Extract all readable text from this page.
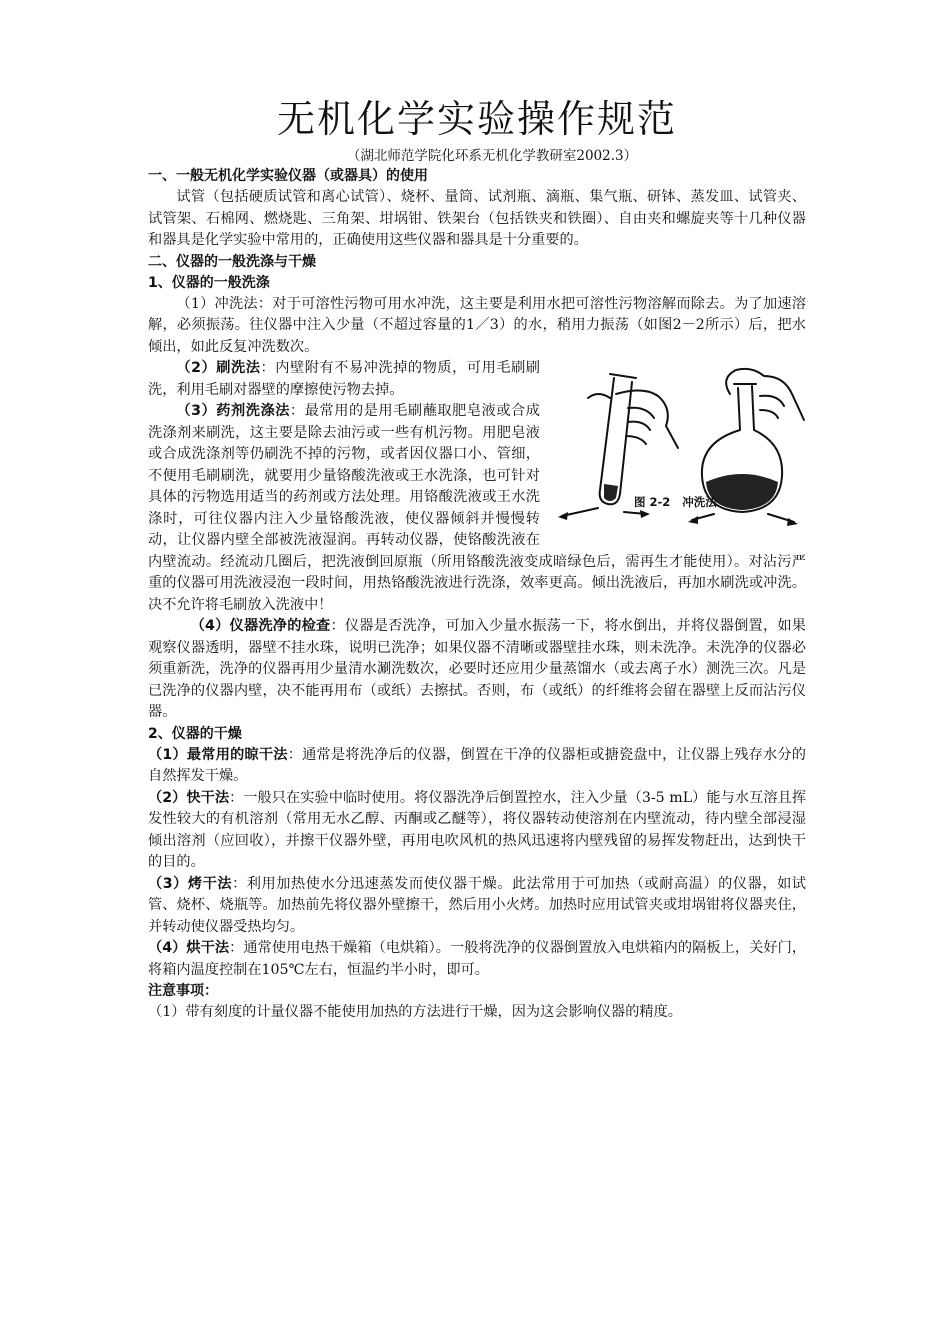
无机化学实验操作规范

（湖北师范学院化环系无机化学教研室2002.3）

一、一般无机化学实验仪器（或器具）的使用

试管（包括硬质试管和离心试管）、烧杯、量筒、试剂瓶、滴瓶、集气瓶、研钵、蒸发皿、试管夹、试管架、石棉网、燃烧匙、三角架、坩埚钳、铁架台（包括铁夹和铁圈）、自由夹和螺旋夹等十几种仪器和器具是化学实验中常用的，正确使用这些仪器和器具是十分重要的。

二、仪器的一般洗涤与干燥
1、仪器的一般洗涤

（1）冲洗法：对于可溶性污物可用水冲洗，这主要是利用水把可溶性污物溶解而除去。为了加速溶解，必须振荡。往仪器中注入少量（不超过容量的1／3）的水，稍用力振荡（如图2－2所示）后，把水倾出，如此反复冲洗数次。

图 2-2   冲洗法

（2）刷洗法：内壁附有不易冲洗掉的物质，可用毛刷刷洗，利用毛刷对器壁的摩擦使污物去掉。

（3）药剂洗涤法：最常用的是用毛刷蘸取肥皂液或合成洗涤剂来刷洗，这主要是除去油污或一些有机污物。用肥皂液或合成洗涤剂等仍刷洗不掉的污物，或者因仪器口小、管细，不便用毛刷刷洗，就要用少量铬酸洗液或王水洗涤，也可针对具体的污物选用适当的药剂或方法处理。用铬酸洗液或王水洗涤时，可往仪器内注入少量铬酸洗液，使仪器倾斜并慢慢转动，让仪器内壁全部被洗液湿润。再转动仪器，使铬酸洗液在内壁流动。经流动几圈后，把洗液倒回原瓶（所用铬酸洗液变成暗绿色后，需再生才能使用）。对沾污严重的仪器可用洗液浸泡一段时间，用热铬酸洗液进行洗涤，效率更高。倾出洗液后，再加水刷洗或冲洗。决不允许将毛刷放入洗液中！

（4）仪器洗净的检查：仪器是否洗净，可加入少量水振荡一下，将水倒出，并将仪器倒置，如果观察仪器透明，器壁不挂水珠，说明已洗净；如果仪器不清晰或器壁挂水珠，则未洗净。未洗净的仪器必须重新洗，洗净的仪器再用少量清水涮洗数次，必要时还应用少量蒸馏水（或去离子水）测洗三次。凡是已洗净的仪器内壁，决不能再用布（或纸）去擦拭。否则，布（或纸）的纤维将会留在器壁上反而沾污仪器。

2、仪器的干燥

（1）最常用的晾干法：通常是将洗净后的仪器，倒置在干净的仪器柜或搪瓷盘中，让仪器上残存水分的自然挥发干燥。

（2）快干法：一般只在实验中临时使用。将仪器洗净后倒置控水，注入少量（3-5 mL）能与水互溶且挥发性较大的有机溶剂（常用无水乙醇、丙酮或乙醚等），将仪器转动使溶剂在内壁流动，待内壁全部浸湿倾出溶剂（应回收），并擦干仪器外壁，再用电吹风机的热风迅速将内壁残留的易挥发物赶出，达到快干的目的。

（3）烤干法：利用加热使水分迅速蒸发而使仪器干燥。此法常用于可加热（或耐高温）的仪器，如试管、烧杯、烧瓶等。加热前先将仪器外壁擦干，然后用小火烤。加热时应用试管夹或坩埚钳将仪器夹住，并转动使仪器受热均匀。

（4）烘干法：通常使用电热干燥箱（电烘箱）。一般将洗净的仪器倒置放入电烘箱内的隔板上，关好门，将箱内温度控制在105℃左右，恒温约半小时，即可。

注意事项：

（1）带有刻度的计量仪器不能使用加热的方法进行干燥，因为这会影响仪器的精度。
